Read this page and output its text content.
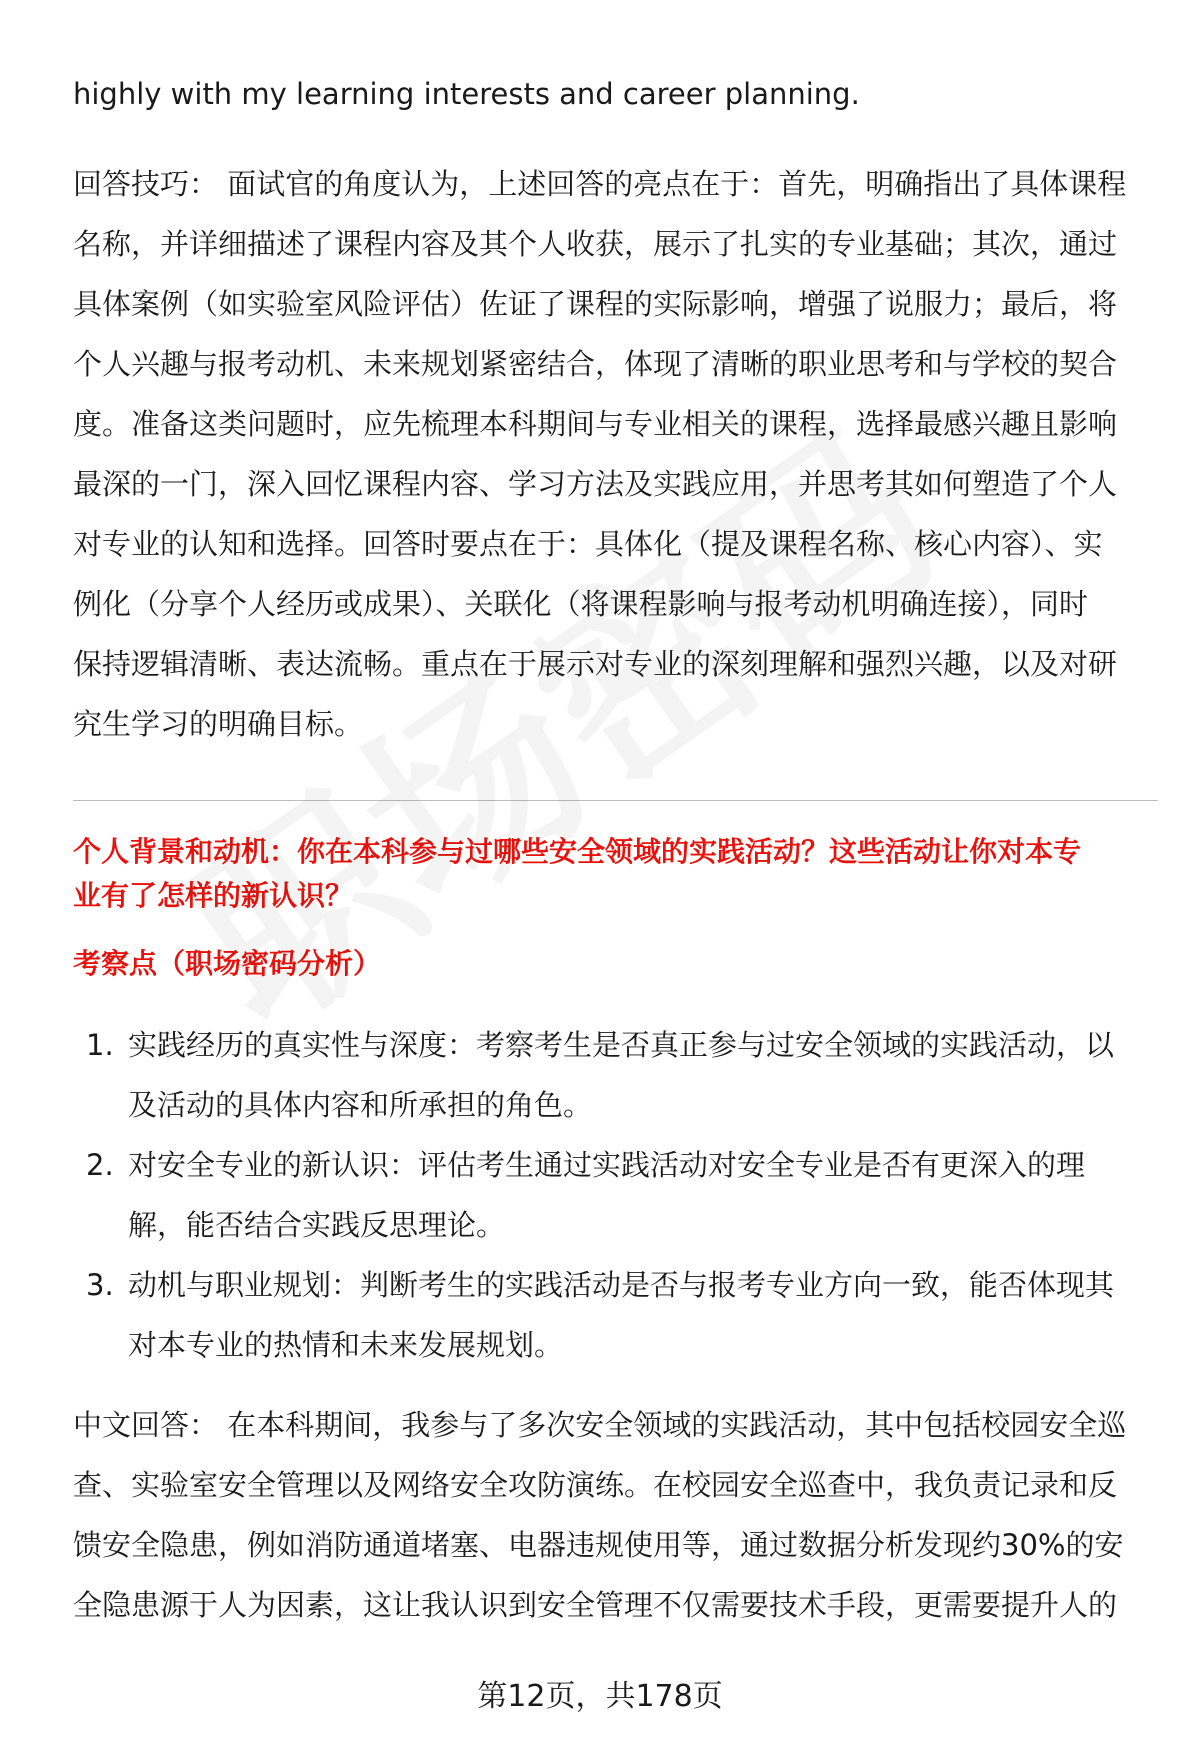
highly with my learning interests and career planning.
回答技巧： 面试官的角度认为，上述回答的亮点在于：首先，明确指出了具体课程
名称，并详细描述了课程内容及其个人收获，展示了扎实的专业基础；其次，通过
具体案例（如实验室风险评估）佐证了课程的实际影响，增强了说服力；最后，将
个人兴趣与报考动机、未来规划紧密结合，体现了清晰的职业思考和与学校的契合
度。准备这类问题时，应先梳理本科期间与专业相关的课程，选择最感兴趣且影响
最深的一门，深入回忆课程内容、学习方法及实践应用，并思考其如何塑造了个人
对专业的认知和选择。回答时要点在于：具体化（提及课程名称、核心内容）、实
例化（分享个人经历或成果）、关联化（将课程影响与报考动机明确连接），同时
保持逻辑清晰、表达流畅。重点在于展示对专业的深刻理解和强烈兴趣，以及对研
究生学习的明确目标。
个人背景和动机：你在本科参与过哪些安全领域的实践活动？这些活动让你对本专
业有了怎样的新认识？
考察点（职场密码分析）
1. 实践经历的真实性与深度：考察考生是否真正参与过安全领域的实践活动，以
及活动的具体内容和所承担的角色。
2. 对安全专业的新认识：评估考生通过实践活动对安全专业是否有更深入的理
解，能否结合实践反思理论。
3. 动机与职业规划：判断考生的实践活动是否与报考专业方向一致，能否体现其
对本专业的热情和未来发展规划。
中文回答： 在本科期间，我参与了多次安全领域的实践活动，其中包括校园安全巡
查、实验室安全管理以及网络安全攻防演练。在校园安全巡查中，我负责记录和反
馈安全隐患，例如消防通道堵塞、电器违规使用等，通过数据分析发现约30%的安
全隐患源于人为因素，这让我认识到安全管理不仅需要技术手段，更需要提升人的
第12页，共178页
